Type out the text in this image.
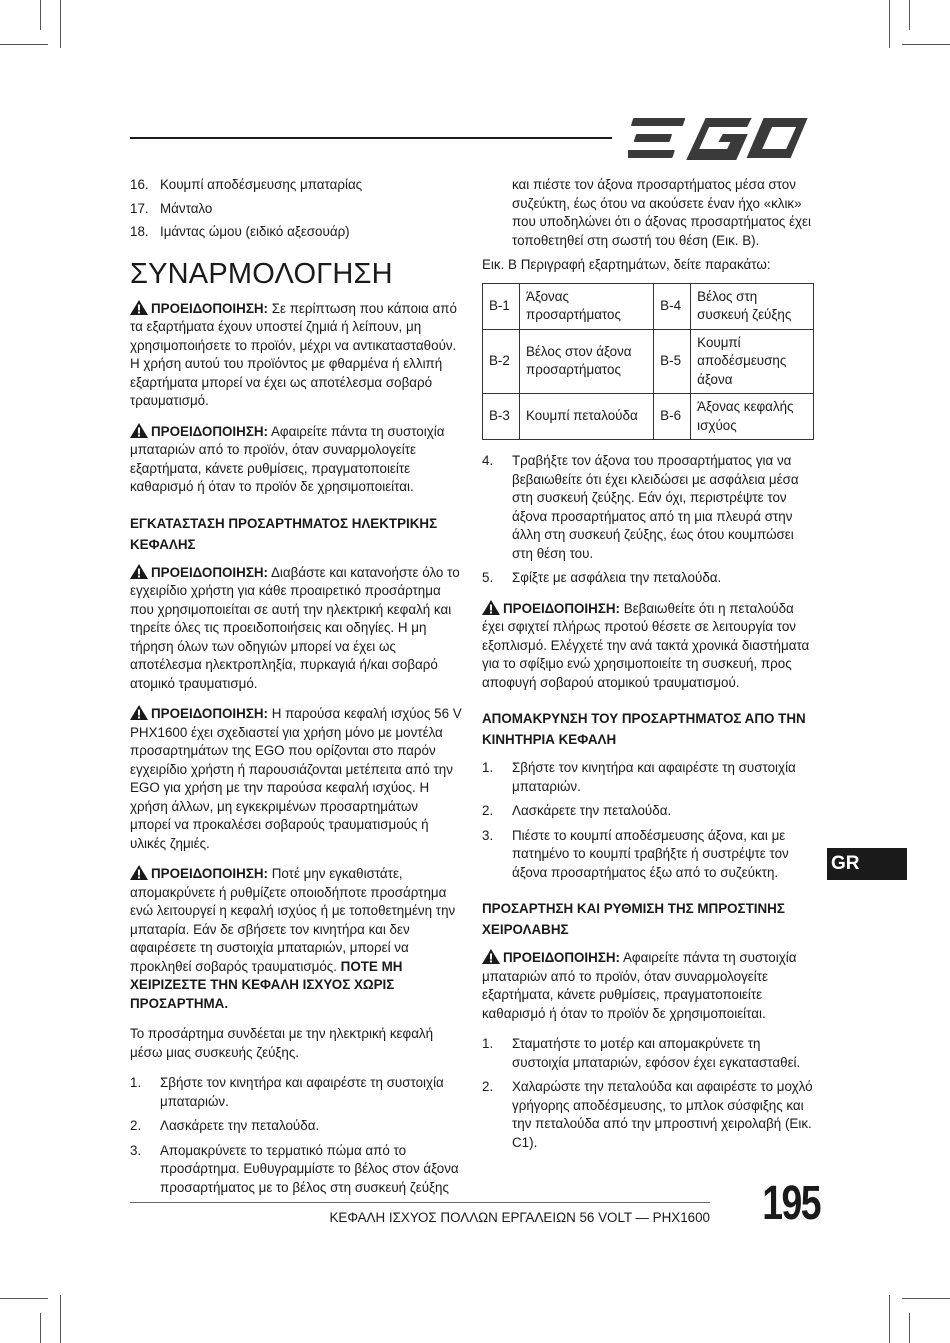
16. Κουμπί αποδέσμευσης μπαταρίας
17. Μάνταλο
18. Ιμάντας ώμου (ειδικό αξεσουάρ)
ΣΥΝΑΡΜΟΛΟΓΗΣΗ

ΠΡΟΕΙΔΟΠΟΙΗΣΗ: Σε περίπτωση που κάποια από τα εξαρτήματα έχουν υποστεί ζημιά ή λείπουν, μη χρησιμοποιήσετε το προϊόν, μέχρι να αντικατασταθούν. Η χρήση αυτού του προϊόντος με φθαρμένα ή ελλιπή εξαρτήματα μπορεί να έχει ως αποτέλεσμα σοβαρό τραυματισμό.

ΠΡΟΕΙΔΟΠΟΙΗΣΗ: Αφαιρείτε πάντα τη συστοιχία μπαταριών από το προϊόν, όταν συναρμολογείτε εξαρτήματα, κάνετε ρυθμίσεις, πραγματοποιείτε καθαρισμό ή όταν το προϊόν δε χρησιμοποιείται.

ΕΓΚΑΤΑΣΤΑΣΗ ΠΡΟΣΑΡΤΗΜΑΤΟΣ ΗΛΕΚΤΡΙΚΗΣ ΚΕΦΑΛΗΣ

ΠΡΟΕΙΔΟΠΟΙΗΣΗ: Διαβάστε και κατανοήστε όλο το εγχειρίδιο χρήστη για κάθε προαιρετικό προσάρτημα που χρησιμοποιείται σε αυτή την ηλεκτρική κεφαλή και τηρείτε όλες τις προειδοποιήσεις και οδηγίες. Η μη τήρηση όλων των οδηγιών μπορεί να έχει ως αποτέλεσμα ηλεκτροπληξία, πυρκαγιά ή/και σοβαρό ατομικό τραυματισμό.

ΠΡΟΕΙΔΟΠΟΙΗΣΗ: Η παρούσα κεφαλή ισχύος 56 V PHX1600 έχει σχεδιαστεί για χρήση μόνο με μοντέλα προσαρτημάτων της EGO που ορίζονται στο παρόν εγχειρίδιο χρήστη ή παρουσιάζονται μετέπειτα από την EGO για χρήση με την παρούσα κεφαλή ισχύος. Η χρήση άλλων, μη εγκεκριμένων προσαρτημάτων μπορεί να προκαλέσει σοβαρούς τραυματισμούς ή υλικές ζημιές.

ΠΡΟΕΙΔΟΠΟΙΗΣΗ: Ποτέ μην εγκαθιστάτε, απομακρύνετε ή ρυθμίζετε οποιοδήποτε προσάρτημα ενώ λειτουργεί η κεφαλή ισχύος ή με τοποθετημένη την μπαταρία. Εάν δε σβήσετε τον κινητήρα και δεν αφαιρέσετε τη συστοιχία μπαταριών, μπορεί να προκληθεί σοβαρός τραυματισμός. ΠΟΤΕ ΜΗ ΧΕΙΡΙΖΕΣΤΕ ΤΗΝ ΚΕΦΑΛΗ ΙΣΧΥΟΣ ΧΩΡΙΣ ΠΡΟΣΑΡΤΗΜΑ.

Το προσάρτημα συνδέεται με την ηλεκτρική κεφαλή μέσω μιας συσκευής ζεύξης.

1.	Σβήστε τον κινητήρα και αφαιρέστε τη συστοιχία μπαταριών.
2.	Λασκάρετε την πεταλούδα.
3.	Απομακρύνετε το τερματικό πώμα από το προσάρτημα. Ευθυγραμμίστε το βέλος στον άξονα προσαρτήματος με το βέλος στη συσκευή ζεύξης
και πιέστε τον άξονα προσαρτήματος μέσα στον συζεύκτη, έως ότου να ακούσετε έναν ήχο «κλικ» που υποδηλώνει ότι ο άξονας προσαρτήματος έχει τοποθετηθεί στη σωστή του θέση (Εικ. B).

Εικ. B Περιγραφή εξαρτημάτων, δείτε παρακάτω:

B-1	Άξονας προσαρτήματος	B-4	Βέλος στη συσκευή ζεύξης
B-2	Βέλος στον άξονα προσαρτήματος	B-5	Κουμπί αποδέσμευσης άξονα
B-3	Κουμπί πεταλούδα	B-6	Άξονας κεφαλής ισχύος
4.	Τραβήξτε τον άξονα του προσαρτήματος για να βεβαιωθείτε ότι έχει κλειδώσει με ασφάλεια μέσα στη συσκευή ζεύξης. Εάν όχι, περιστρέψτε τον άξονα προσαρτήματος από τη μια πλευρά στην άλλη στη συσκευή ζεύξης, έως ότου κουμπώσει στη θέση του.
5.	Σφίξτε με ασφάλεια την πεταλούδα.

ΠΡΟΕΙΔΟΠΟΙΗΣΗ: Βεβαιωθείτε ότι η πεταλούδα έχει σφιχτεί πλήρως προτού θέσετε σε λειτουργία τον εξοπλισμό. Ελέγχετέ την ανά τακτά χρονικά διαστήματα για το σφίξιμο ενώ χρησιμοποιείτε τη συσκευή, προς αποφυγή σοβαρού ατομικού τραυματισμού.

ΑΠΟΜΑΚΡΥΝΣΗ ΤΟΥ ΠΡΟΣΑΡΤΗΜΑΤΟΣ ΑΠΟ ΤΗΝ ΚΙΝΗΤΗΡΙΑ ΚΕΦΑΛΗ
1.	Σβήστε τον κινητήρα και αφαιρέστε τη συστοιχία μπαταριών.
2.	Λασκάρετε την πεταλούδα.
3.	Πιέστε το κουμπί αποδέσμευσης άξονα, και με πατημένο το κουμπί τραβήξτε ή συστρέψτε τον άξονα προσαρτήματος έξω από το συζεύκτη.
ΠΡΟΣΑΡΤΗΣΗ ΚΑΙ ΡΥΘΜΙΣΗ ΤΗΣ ΜΠΡΟΣΤΙΝΗΣ ΧΕΙΡΟΛΑΒΗΣ

ΠΡΟΕΙΔΟΠΟΙΗΣΗ: Αφαιρείτε πάντα τη συστοιχία μπαταριών από το προϊόν, όταν συναρμολογείτε εξαρτήματα, κάνετε ρυθμίσεις, πραγματοποιείτε καθαρισμό ή όταν το προϊόν δε χρησιμοποιείται.

1.	Σταματήστε το μοτέρ και απομακρύνετε τη συστοιχία μπαταριών, εφόσον έχει εγκατασταθεί.
2.	Χαλαρώστε την πεταλούδα και αφαιρέστε το μοχλό γρήγορης αποδέσμευσης, το μπλοκ σύσφιξης και την πεταλούδα από την μπροστινή χειρολαβή (Εικ. C1).
GR
ΚΕΦΑΛΗ ΙΣΧΥΟΣ ΠΟΛΛΩΝ ΕΡΓΑΛΕΙΩΝ 56 VOLT — PHX1600 195
